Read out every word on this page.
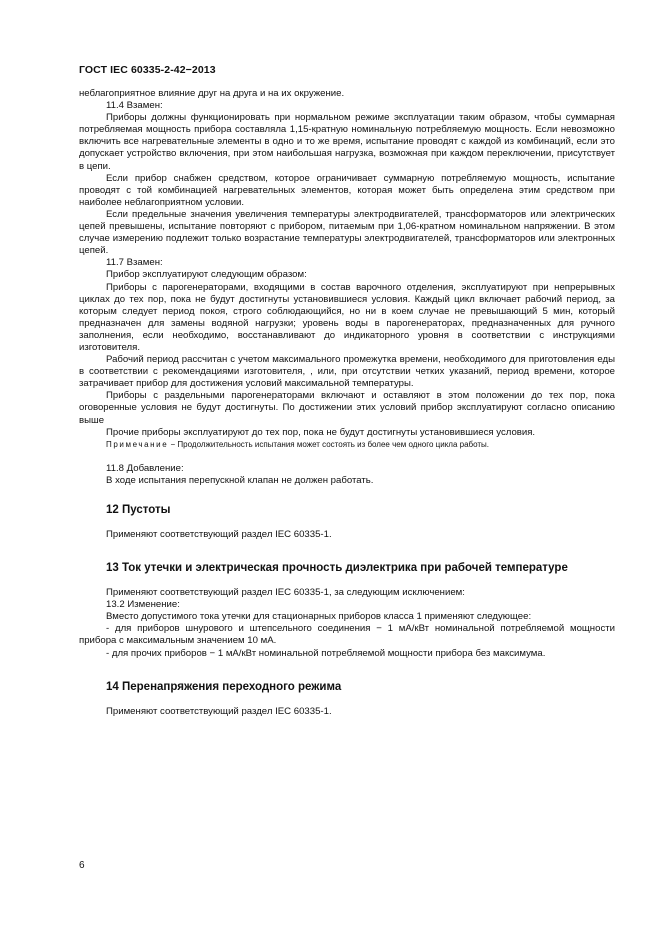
ГОСТ IEC 60335-2-42−2013

неблагоприятное влияние друг на друга и на их окружение.

11.4 Взамен:

Приборы должны функционировать при нормальном режиме эксплуатации таким образом, чтобы суммарная потребляемая мощность прибора составляла 1,15-кратную номинальную потребляемую мощность. Если невозможно включить все нагревательные элементы в одно и то же время, испытание проводят с каждой из комбинаций, если это допускает устройство включения, при этом наибольшая нагрузка, возможная при каждом переключении, присутствует в цепи.

Если прибор снабжен средством, которое ограничивает суммарную потребляемую мощность, испытание проводят с той комбинацией нагревательных элементов, которая может быть определена этим средством при наиболее неблагоприятном условии.

Если предельные значения увеличения температуры электродвигателей, трансформаторов или электрических цепей превышены, испытание повторяют с прибором, питаемым при 1,06-кратном номинальном напряжении. В этом случае измерению подлежит только возрастание температуры электродвигателей, трансформаторов или электронных цепей.

11.7 Взамен:

Прибор эксплуатируют следующим образом:

Приборы с парогенераторами, входящими в состав варочного отделения, эксплуатируют при непрерывных циклах до тех пор, пока не будут достигнуты установившиеся условия. Каждый цикл включает рабочий период, за которым следует период покоя, строго соблюдающийся, но ни в коем случае не превышающий 5 мин, который предназначен для замены водяной нагрузки; уровень воды в парогенераторах, предназначенных для ручного заполнения, если необходимо, восстанавливают до индикаторного уровня в соответствии с инструкциями изготовителя.

Рабочий период рассчитан с учетом максимального промежутка времени, необходимого для приготовления еды в соответствии с рекомендациями изготовителя, , или, при отсутствии четких указаний, период времени, которое затрачивает прибор для достижения условий максимальной температуры.

Приборы с раздельными парогенераторами включают и оставляют в этом положении до тех пор, пока оговоренные условия не будут достигнуты. По достижении этих условий прибор эксплуатируют согласно описанию выше

Прочие приборы эксплуатируют до тех пор, пока не будут достигнуты установившиеся условия.

Примечание − Продолжительность испытания может состоять из более чем одного цикла работы.

11.8 Добавление:

В ходе испытания перепускной клапан не должен работать.

12 Пустоты

Применяют соответствующий раздел IEC 60335-1.

13 Ток утечки и электрическая прочность диэлектрика при рабочей температуре

Применяют соответствующий раздел IEC 60335-1, за следующим исключением:

13.2 Изменение:

Вместо допустимого тока утечки для стационарных приборов класса 1 применяют следующее:

- для приборов шнурового и штепсельного соединения − 1 мА/кВт номинальной потребляемой мощности прибора с максимальным значением 10 мА.

- для прочих приборов − 1 мА/кВт номинальной потребляемой мощности прибора без максимума.

14 Перенапряжения переходного режима

Применяют соответствующий раздел IEC 60335-1.

6
